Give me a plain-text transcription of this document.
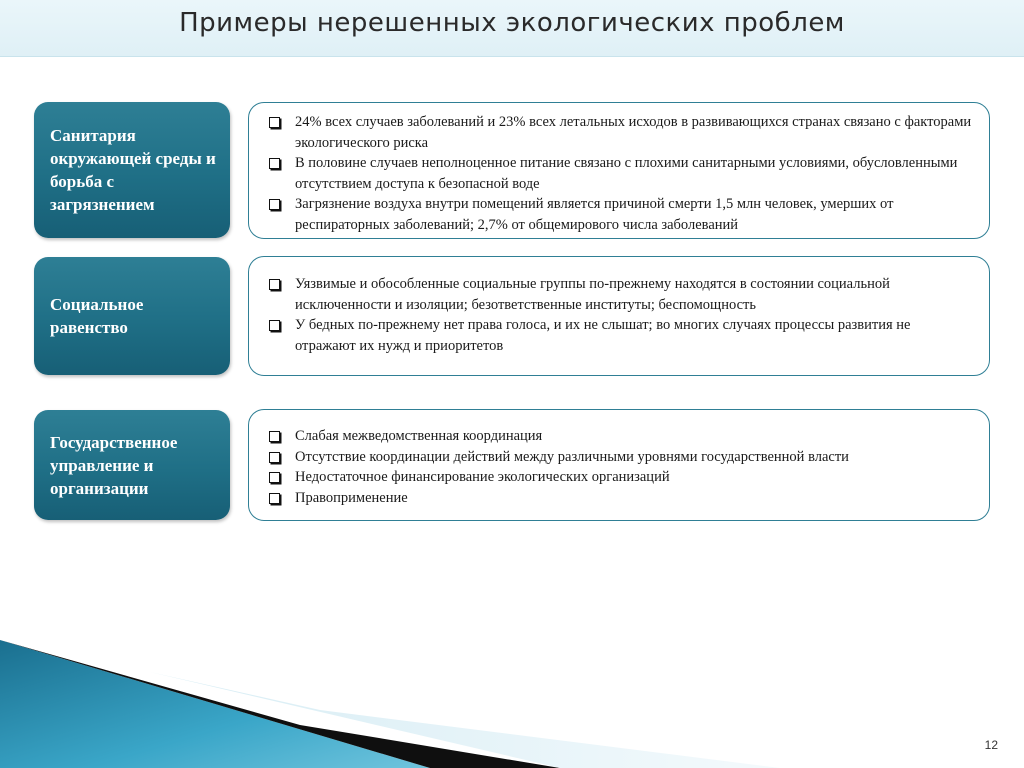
Примеры нерешенных экологических проблем
Санитария окружающей среды и борьба с загрязнением
24% всех случаев заболеваний и 23% всех летальных исходов в развивающихся странах связано с факторами экологического риска
В половине случаев неполноценное питание связано с плохими санитарными условиями, обусловленными отсутствием доступа к безопасной воде
Загрязнение воздуха внутри помещений является причиной смерти 1,5 млн человек, умерших от респираторных заболеваний; 2,7% от общемирового числа заболеваний
Социальное равенство
Уязвимые и обособленные социальные группы по-прежнему находятся в состоянии социальной исключенности и изоляции; безответственные институты; беспомощность
У бедных по-прежнему нет права голоса, и их не слышат; во многих случаях процессы развития не отражают их нужд и приоритетов
Государственное управление и организации
Слабая межведомственная координация
Отсутствие координации действий между различными уровнями государственной власти
Недостаточное финансирование экологических организаций
Правоприменение
12
